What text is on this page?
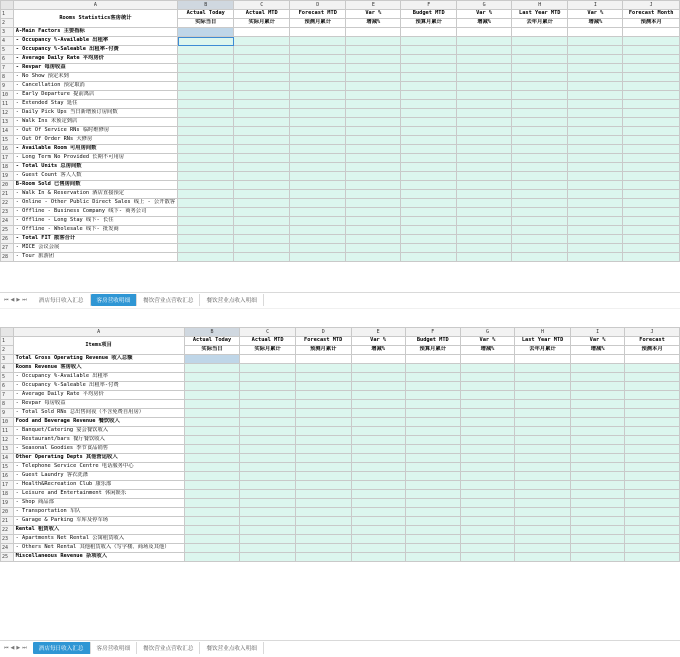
	A	B	C	D	E	F	G	H	I	J
1	Rooms Statistics客房统计	Actual Today	Actual MTD	Forecast MTD	Var %	Budget MTD	Var %	Last Year MTD	Var %	Forecast Month
2		实际当日	实际月累计	预测月累计	增减%	预算月累计	增减%	去年月累计	增减%	预测本月
3	A-Main Factors 主要指标									
4	- Occupancy %-Available 出租率									
5	- Occupancy %-Saleable 出租率-付费									
6	- Average Daily Rate 平均房价									
7	- Revpar 每房收益									
8	- No Show 预定未到									
9	- Cancellation 预定取消									
10	- Early Departure 提前离店									
11	- Extended Stay 延住									
12	- Daily Pick Ups 当日新增预订房间数									
13	- Walk Ins 未预定到店									
14	- Out Of Service RNs 临时维修房									
15	- Out Of Order RNs 大修房									
16	- Available Room 可用房间数									
17	- Long Term No Provided 长期不可用房									
18	- Total Units 总房间数									
19	- Guest Count 客人人数									
20	B-Room Sold 已售房间数									
21	- Walk In & Reservation 酒店直接预定									
22	- Online - Other Public Direct Sales 线上 - 公开散客									
23	- Offline - Business Company 线下- 商务公司									
24	- Offline - Long Stay 线下- 长住									
25	- Offline - Wholesale 线下- 批发商									
26	- Total FIT 散客合计									
27	- MICE 会议会展									
28	- Tour 旅游团									
⏮ ◀ ▶ ⏭	酒店每日收入汇总	客房营收明细	餐饮营业点营收汇总	餐饮营业点收入明细
	A	B	C	D	E	F	G	H	I	J
1	Items项目	Actual Today	Actual MTD	Forecast MTD	Var %	Budget MTD	Var %	Last Year MTD	Var %	Forecast
2		实际当日	实际月累计	预测月累计	增减%	预算月累计	增减%	去年月累计	增减%	预测本月
3	Total Gross Operating Revenue 收入总额									
4	Rooms Revenue 客房收入									
5	- Occupancy %-Available 出租率									
6	- Occupancy %-Saleable 出租率-付费									
7	- Average Daily Rate 平均房价									
8	- Revpar 每房收益									
9	- Total Sold RNs 总出售间夜（不含免费自用房）									
10	Food and Beverage Revenue 餐饮收入									
11	- Banquet/Catering 宴会餐饮收入									
12	- Restaurant/bars 餐厅餐饮收入									
13	- Seasonal Goodies 季节食品销售									
14	Other Operating Depts 其他营运收入									
15	- Telephone Service Centre 电话服务中心									
16	- Guest Laundry 客衣洗涤									
17	- Health&Recreation Club 康乐部									
18	- Leisure and Entertainment 休闲娱乐									
19	- Shop 商品部									
20	- Transportation 车队									
21	- Garage & Parking 车库及停车场									
22	Rental 租赁收入									
23	- Apartments Net Rental 公寓租赁收入									
24	- Others Net Rental 其他租赁收入（写字楼、商场及其他）									
25	Miscellaneous Revenue 杂项收入									
⏮ ◀ ▶ ⏭	酒店每日收入汇总	客房营收明细	餐饮营业点营收汇总	餐饮营业点收入明细
